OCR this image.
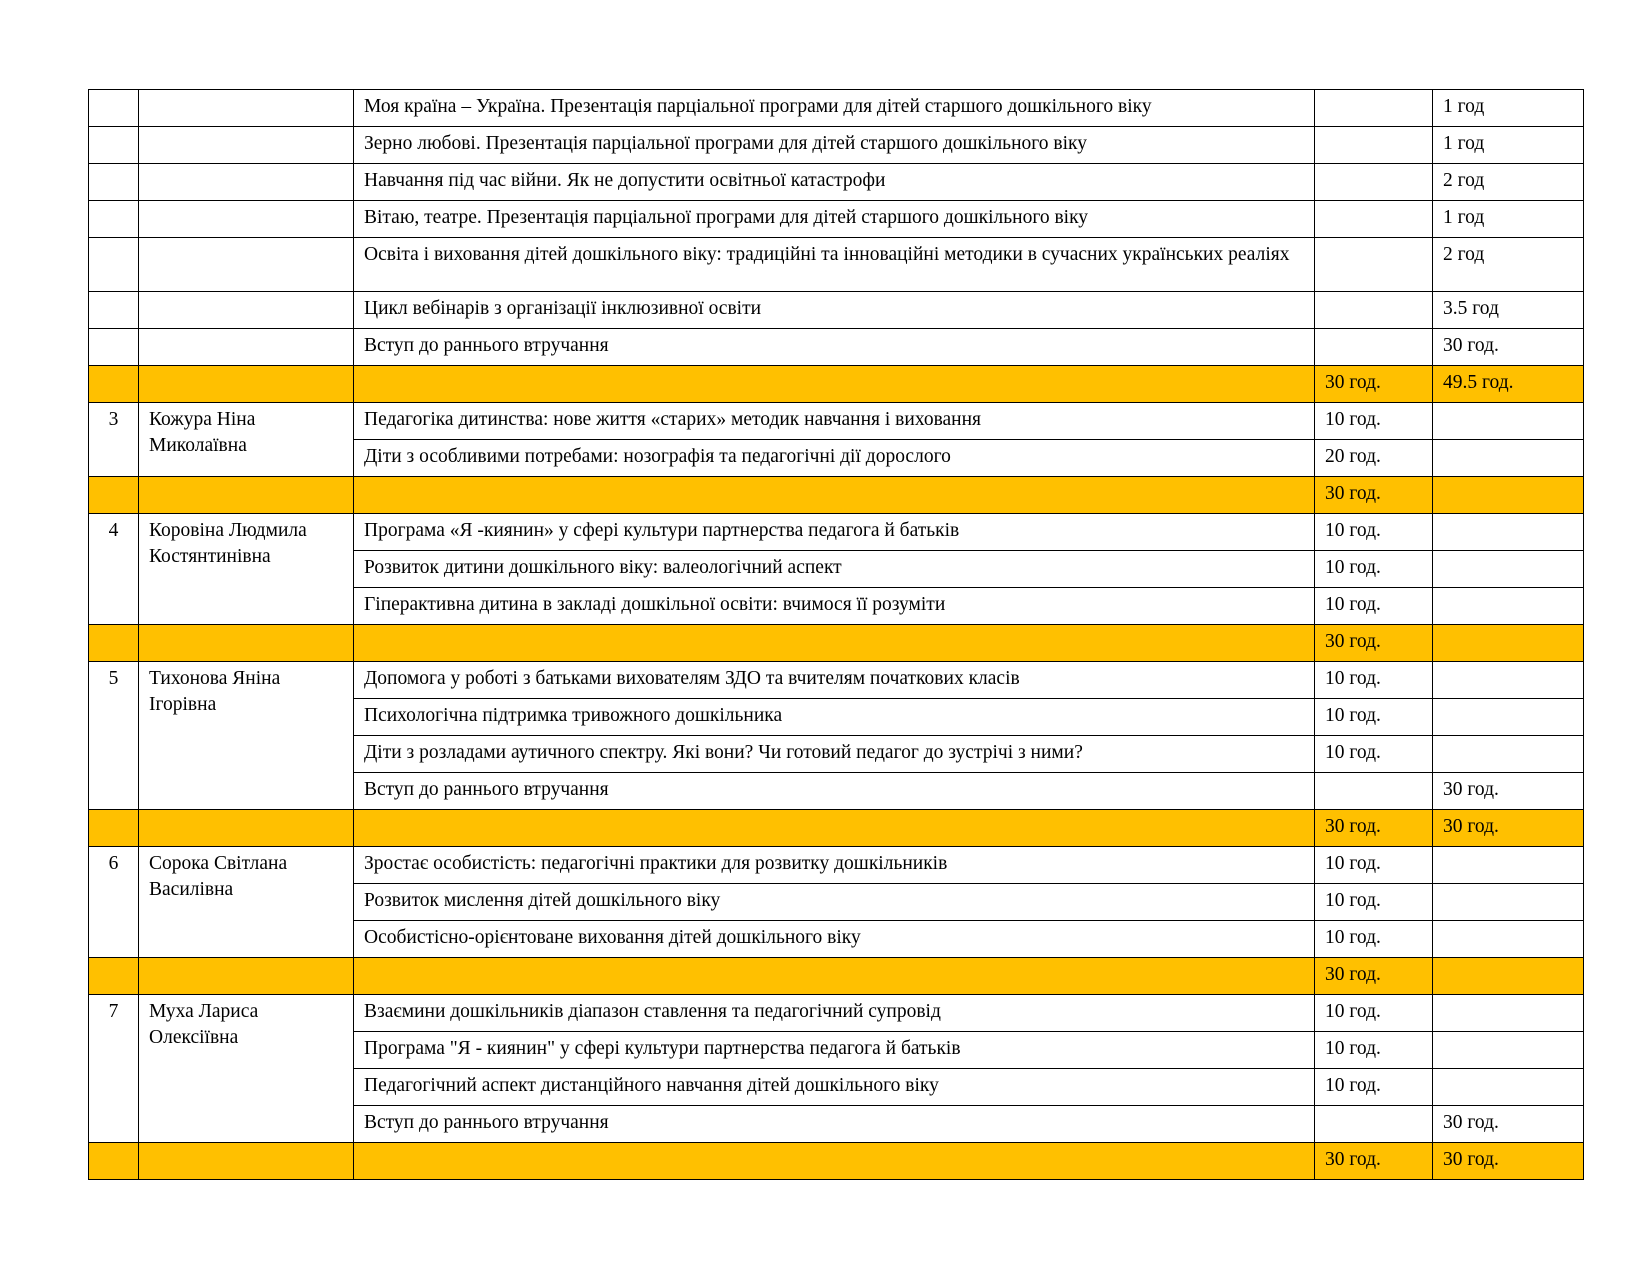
		Моя країна – Україна. Презентація парціальної програми для дітей старшого дошкільного віку		1 год
		Зерно любові. Презентація парціальної програми для дітей старшого дошкільного віку		1 год
		Навчання під час війни. Як не допустити освітньої катастрофи		2 год
		Вітаю, театре. Презентація парціальної програми для дітей старшого дошкільного віку		1 год
		Освіта і виховання дітей дошкільного віку: традиційні та інноваційні методики в сучасних українських реаліях		2 год
		Цикл вебінарів з організації інклюзивної освіти		3.5 год
		Вступ до раннього втручання		30 год.
			30 год.	49.5 год.
3	Кожура Ніна Миколаївна	Педагогіка дитинства: нове життя «старих» методик навчання і виховання	10 год.	
		Діти з особливими потребами: нозографія та педагогічні дії дорослого	20 год.	
			30 год.	
4	Коровіна Людмила Костянтинівна	Програма «Я -киянин» у сфері культури партнерства педагога й батьків	10 год.	
		Розвиток дитини дошкільного віку: валеологічний аспект	10 год.	
		Гіперактивна дитина в закладі дошкільної освіти: вчимося її розуміти	10 год.	
			30 год.	
5	Тихонова Яніна Ігорівна	Допомога у роботі з батьками вихователям ЗДО та вчителям початкових класів	10 год.	
		Психологічна підтримка тривожного дошкільника	10 год.	
		Діти з розладами аутичного спектру. Які вони? Чи готовий педагог до зустрічі з ними?	10 год.	
		Вступ до раннього втручання		30 год.
			30 год.	30 год.
6	Сорока Світлана Василівна	Зростає особистість: педагогічні практики для розвитку дошкільників	10 год.	
		Розвиток мислення дітей дошкільного віку	10 год.	
		Особистісно-орієнтоване виховання дітей дошкільного віку	10 год.	
			30 год.	
7	Муха Лариса Олексіївна	Взаємини дошкільників діапазон ставлення та педагогічний супровід	10 год.	
		Програма "Я - киянин" у сфері культури партнерства педагога й батьків	10 год.	
		Педагогічний аспект дистанційного навчання дітей дошкільного віку	10 год.	
		Вступ до раннього втручання		30 год.
			30 год.	30 год.
